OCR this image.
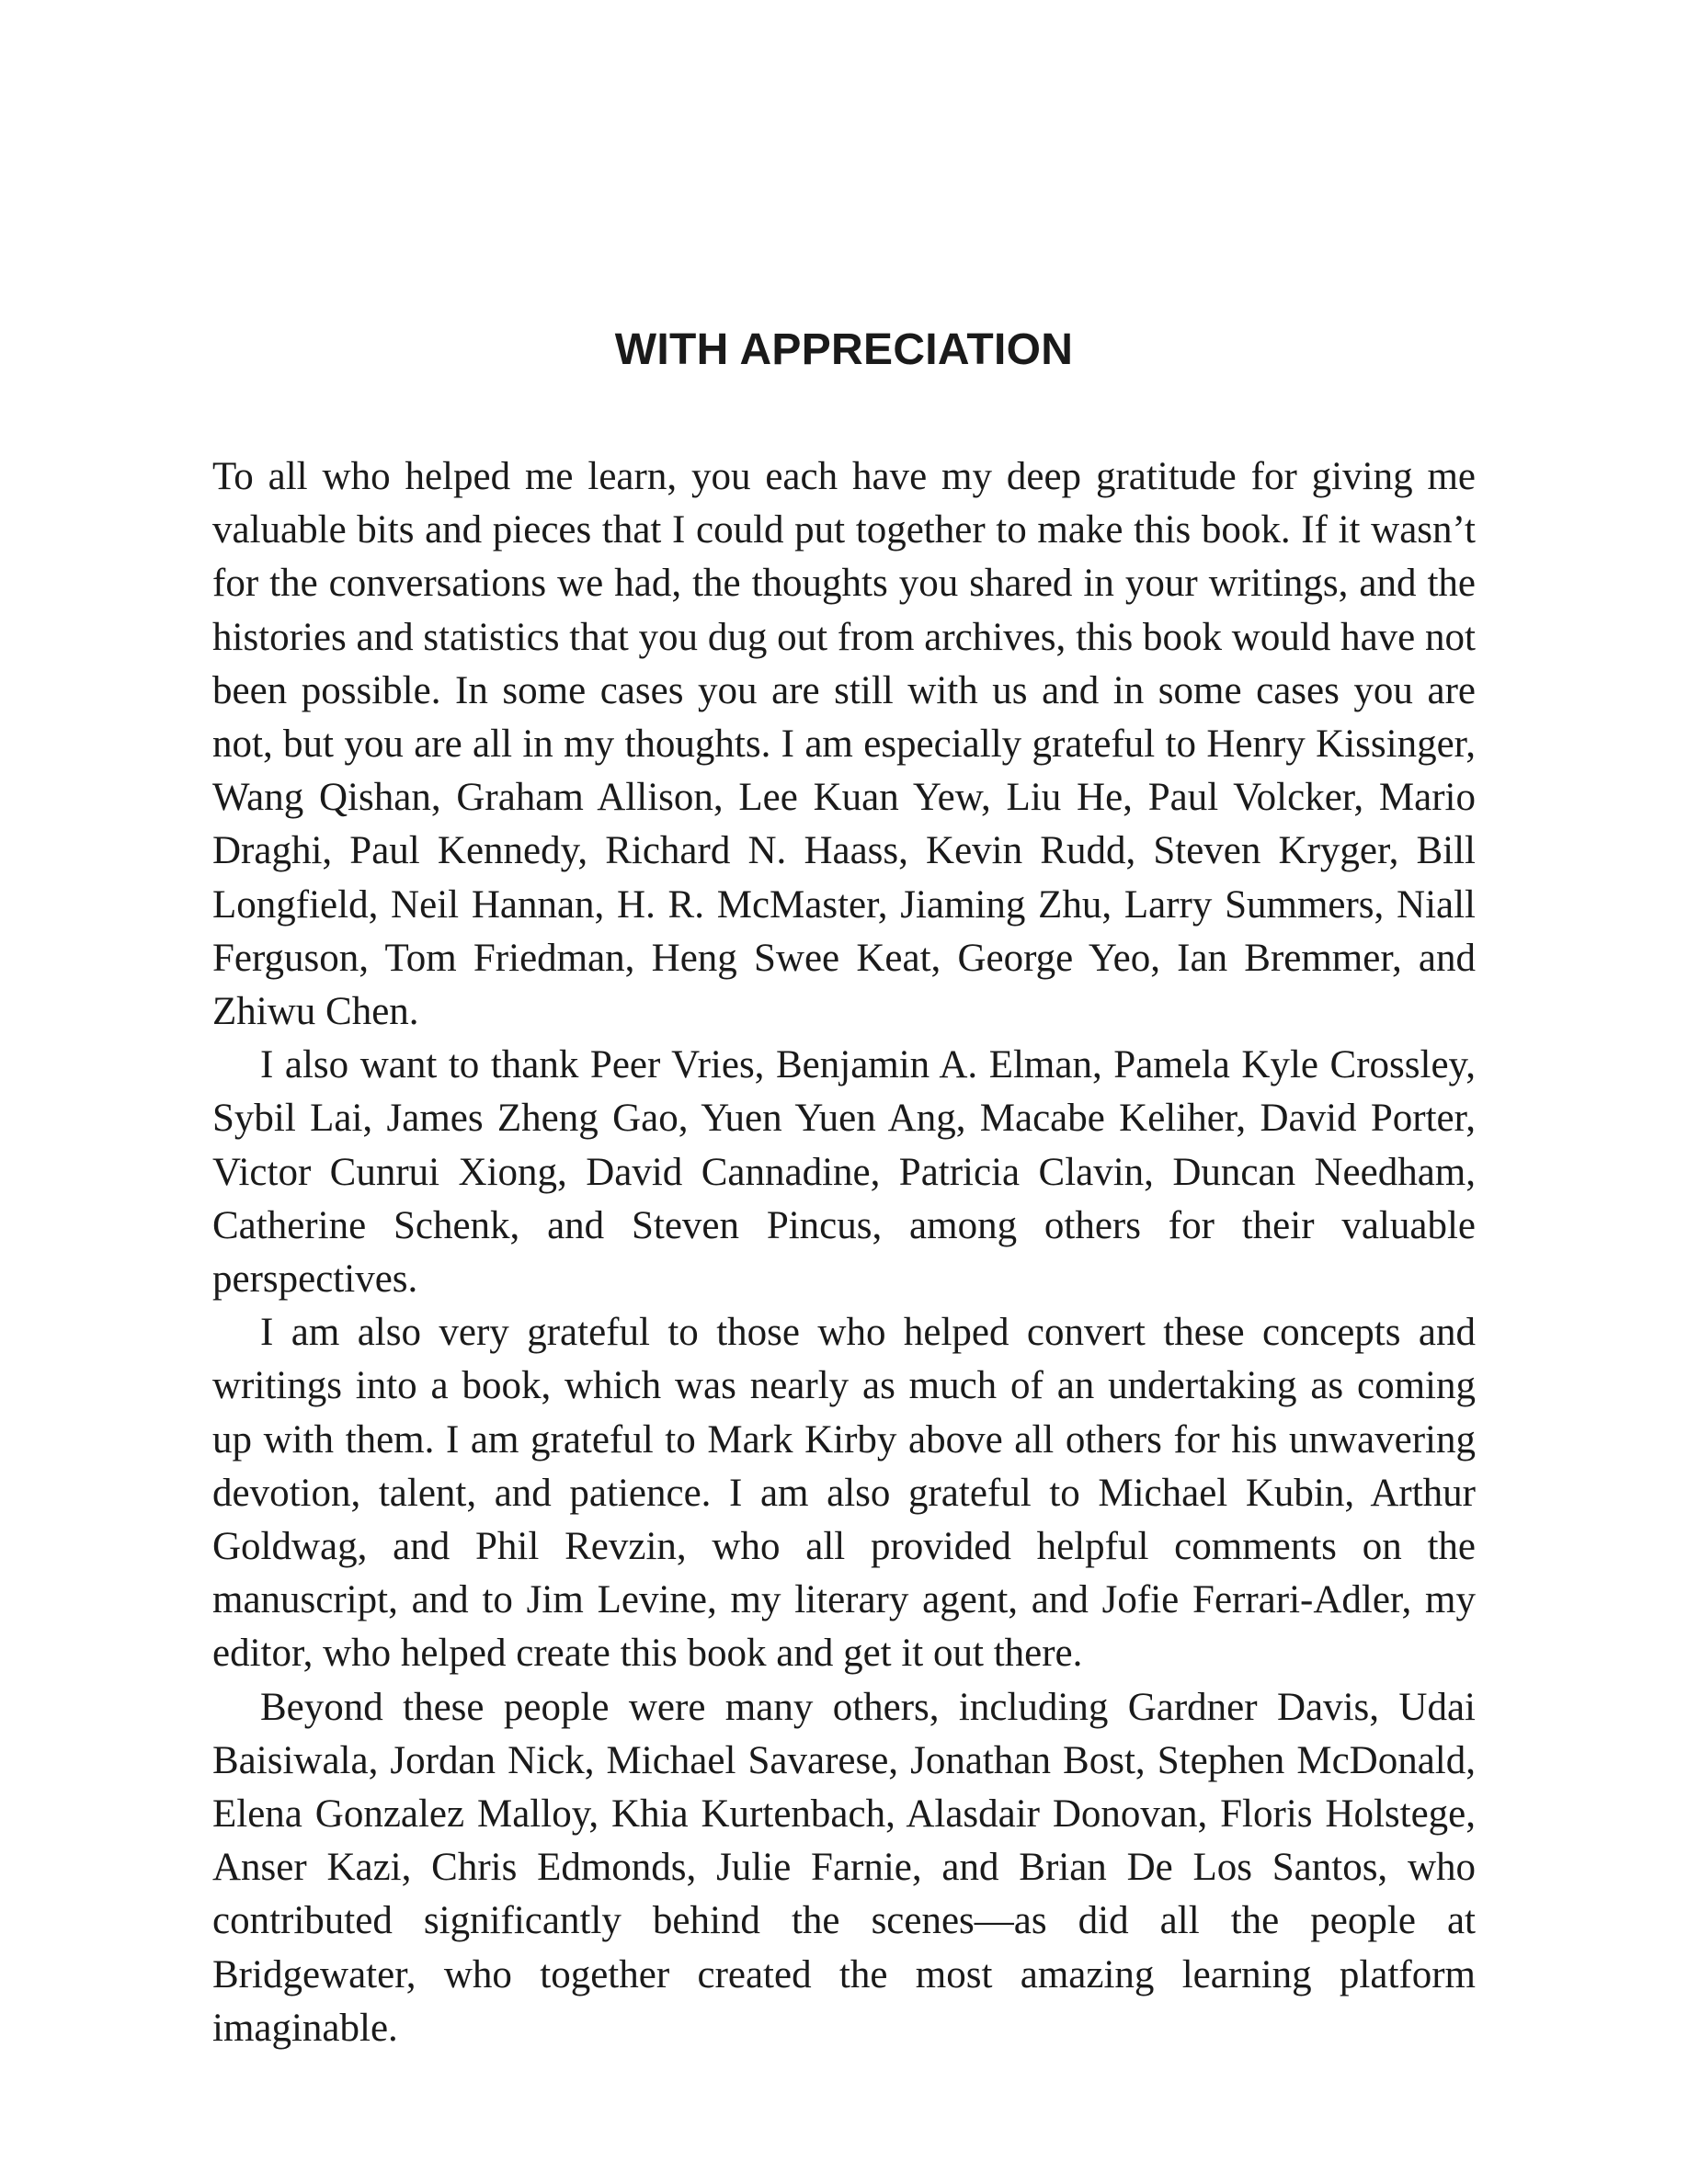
WITH APPRECIATION

To all who helped me learn, you each have my deep gratitude for giving me valuable bits and pieces that I could put together to make this book. If it wasn’t for the conversations we had, the thoughts you shared in your writings, and the histories and statistics that you dug out from archives, this book would have not been possible. In some cases you are still with us and in some cases you are not, but you are all in my thoughts. I am especially grateful to Henry Kissinger, Wang Qishan, Graham Allison, Lee Kuan Yew, Liu He, Paul Volcker, Mario Draghi, Paul Kennedy, Richard N. Haass, Kevin Rudd, Steven Kryger, Bill Longfield, Neil Hannan, H. R. McMaster, Jiaming Zhu, Larry Summers, Niall Ferguson, Tom Friedman, Heng Swee Keat, George Yeo, Ian Bremmer, and Zhiwu Chen.

I also want to thank Peer Vries, Benjamin A. Elman, Pamela Kyle Crossley, Sybil Lai, James Zheng Gao, Yuen Yuen Ang, Macabe Keliher, David Porter, Victor Cunrui Xiong, David Cannadine, Patricia Clavin, Duncan Needham, Catherine Schenk, and Steven Pincus, among others for their valuable perspectives.

I am also very grateful to those who helped convert these concepts and writings into a book, which was nearly as much of an undertaking as coming up with them. I am grateful to Mark Kirby above all others for his unwavering devotion, talent, and patience. I am also grateful to Michael Kubin, Arthur Goldwag, and Phil Revzin, who all provided helpful comments on the manuscript, and to Jim Levine, my literary agent, and Jofie Ferrari-Adler, my editor, who helped create this book and get it out there.

Beyond these people were many others, including Gardner Davis, Udai Baisiwala, Jordan Nick, Michael Savarese, Jonathan Bost, Stephen McDonald, Elena Gonzalez Malloy, Khia Kurtenbach, Alasdair Donovan, Floris Holstege, Anser Kazi, Chris Edmonds, Julie Farnie, and Brian De Los Santos, who contributed significantly behind the scenes—as did all the people at Bridgewater, who together created the most amazing learning platform imaginable.
